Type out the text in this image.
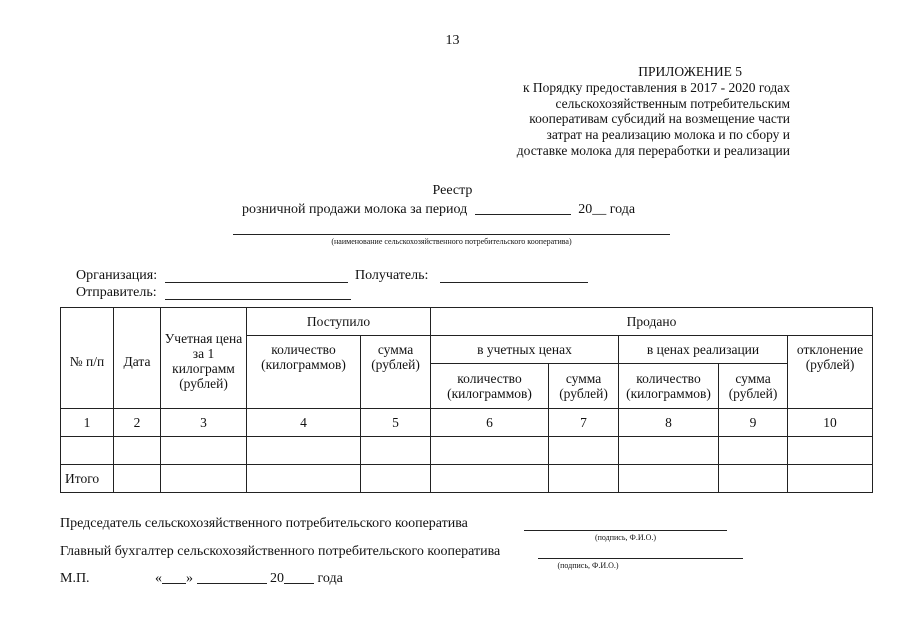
13
ПРИЛОЖЕНИЕ 5
к Порядку предоставления в 2017 - 2020 годах
сельскохозяйственным потребительским
кооперативам субсидий на возмещение части
затрат на реализацию молока и по сбору и
доставке молока для переработки и реализации
Реестр
розничной продажи молока за период	20__ года
(наименование сельскохозяйственного потребительского кооператива)
Организация:	Получатель:
Отправитель:
№ п/п	Дата	Учетная цена за 1 килограмм (рублей)	Поступило		Продано				

			количество (килограммов)	сумма (рублей)	в учетных ценах		в ценах реализации		отклонение (рублей)

					количество (килограммов)	сумма (рублей)	количество (килограммов)	сумма (рублей)	
1	2	3	4	5	6	7	8	9	10

Итого									
Председатель сельскохозяйственного потребительского кооператива
(подпись, Ф.И.О.)
Главный бухгалтер сельскохозяйственного потребительского кооператива
(подпись, Ф.И.О.)
М.П.	« »	20 года
